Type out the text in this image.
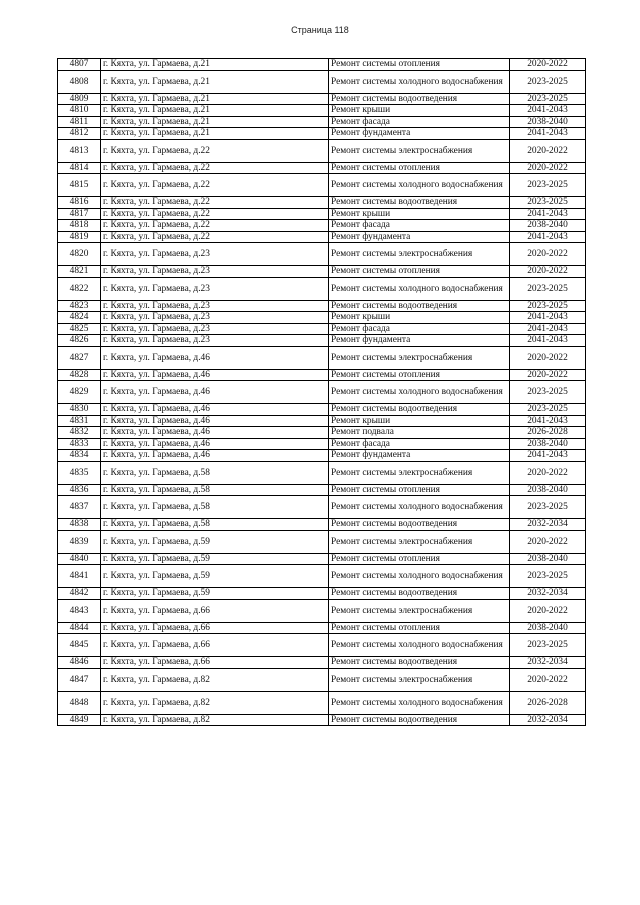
Страница 118
4807	г. Кяхта, ул. Гармаева, д.21	Ремонт системы отопления	2020-2022
4808	г. Кяхта, ул. Гармаева, д.21	Ремонт системы холодного водоснабжения	2023-2025
4809	г. Кяхта, ул. Гармаева, д.21	Ремонт системы водоотведения	2023-2025
4810	г. Кяхта, ул. Гармаева, д.21	Ремонт крыши	2041-2043
4811	г. Кяхта, ул. Гармаева, д.21	Ремонт фасада	2038-2040
4812	г. Кяхта, ул. Гармаева, д.21	Ремонт фундамента	2041-2043
4813	г. Кяхта, ул. Гармаева, д.22	Ремонт системы электроснабжения	2020-2022
4814	г. Кяхта, ул. Гармаева, д.22	Ремонт системы отопления	2020-2022
4815	г. Кяхта, ул. Гармаева, д.22	Ремонт системы холодного водоснабжения	2023-2025
4816	г. Кяхта, ул. Гармаева, д.22	Ремонт системы водоотведения	2023-2025
4817	г. Кяхта, ул. Гармаева, д.22	Ремонт крыши	2041-2043
4818	г. Кяхта, ул. Гармаева, д.22	Ремонт фасада	2038-2040
4819	г. Кяхта, ул. Гармаева, д.22	Ремонт фундамента	2041-2043
4820	г. Кяхта, ул. Гармаева, д.23	Ремонт системы электроснабжения	2020-2022
4821	г. Кяхта, ул. Гармаева, д.23	Ремонт системы отопления	2020-2022
4822	г. Кяхта, ул. Гармаева, д.23	Ремонт системы холодного водоснабжения	2023-2025
4823	г. Кяхта, ул. Гармаева, д.23	Ремонт системы водоотведения	2023-2025
4824	г. Кяхта, ул. Гармаева, д.23	Ремонт крыши	2041-2043
4825	г. Кяхта, ул. Гармаева, д.23	Ремонт фасада	2041-2043
4826	г. Кяхта, ул. Гармаева, д.23	Ремонт фундамента	2041-2043
4827	г. Кяхта, ул. Гармаева, д.46	Ремонт системы электроснабжения	2020-2022
4828	г. Кяхта, ул. Гармаева, д.46	Ремонт системы отопления	2020-2022
4829	г. Кяхта, ул. Гармаева, д.46	Ремонт системы холодного водоснабжения	2023-2025
4830	г. Кяхта, ул. Гармаева, д.46	Ремонт системы водоотведения	2023-2025
4831	г. Кяхта, ул. Гармаева, д.46	Ремонт крыши	2041-2043
4832	г. Кяхта, ул. Гармаева, д.46	Ремонт подвала	2026-2028
4833	г. Кяхта, ул. Гармаева, д.46	Ремонт фасада	2038-2040
4834	г. Кяхта, ул. Гармаева, д.46	Ремонт фундамента	2041-2043
4835	г. Кяхта, ул. Гармаева, д.58	Ремонт системы электроснабжения	2020-2022
4836	г. Кяхта, ул. Гармаева, д.58	Ремонт системы отопления	2038-2040
4837	г. Кяхта, ул. Гармаева, д.58	Ремонт системы холодного водоснабжения	2023-2025
4838	г. Кяхта, ул. Гармаева, д.58	Ремонт системы водоотведения	2032-2034
4839	г. Кяхта, ул. Гармаева, д.59	Ремонт системы электроснабжения	2020-2022
4840	г. Кяхта, ул. Гармаева, д.59	Ремонт системы отопления	2038-2040
4841	г. Кяхта, ул. Гармаева, д.59	Ремонт системы холодного водоснабжения	2023-2025
4842	г. Кяхта, ул. Гармаева, д.59	Ремонт системы водоотведения	2032-2034
4843	г. Кяхта, ул. Гармаева, д.66	Ремонт системы электроснабжения	2020-2022
4844	г. Кяхта, ул. Гармаева, д.66	Ремонт системы отопления	2038-2040
4845	г. Кяхта, ул. Гармаева, д.66	Ремонт системы холодного водоснабжения	2023-2025
4846	г. Кяхта, ул. Гармаева, д.66	Ремонт системы водоотведения	2032-2034
4847	г. Кяхта, ул. Гармаева, д.82	Ремонт системы электроснабжения	2020-2022
4848	г. Кяхта, ул. Гармаева, д.82	Ремонт системы холодного водоснабжения	2026-2028
4849	г. Кяхта, ул. Гармаева, д.82	Ремонт системы водоотведения	2032-2034
